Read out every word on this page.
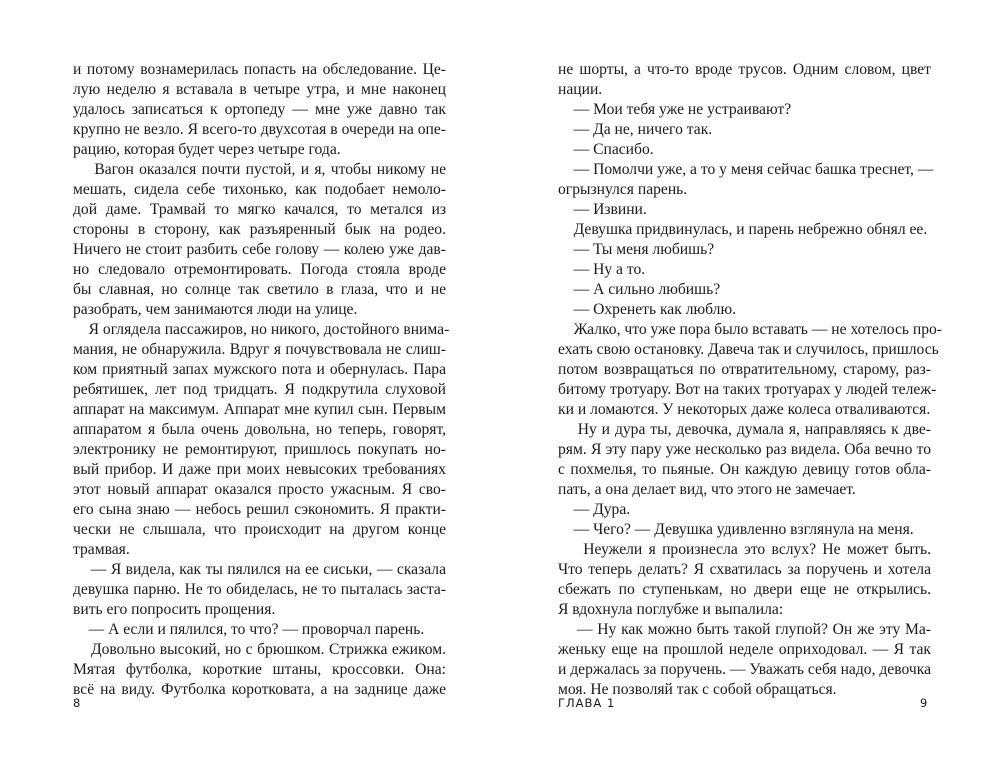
и потому вознамерилась попасть на обследование. Це-
лую неделю я вставала в четыре утра, и мне наконец
удалось записаться к ортопеду — мне уже давно так
крупно не везло. Я всего-то двухсотая в очереди на опе-
рацию, которая будет через четыре года.
Вагон оказался почти пустой, и я, чтобы никому не
мешать, сидела себе тихонько, как подобает немоло-
дой даме. Трамвай то мягко качался, то метался из
стороны в сторону, как разъяренный бык на родео.
Ничего не стоит разбить себе голову — колею уже дав-
но следовало отремонтировать. Погода стояла вроде
бы славная, но солнце так светило в глаза, что и не
разобрать, чем занимаются люди на улице.
Я оглядела пассажиров, но никого, достойного внима-
мания, не обнаружила. Вдруг я почувствовала не слиш-
ком приятный запах мужского пота и обернулась. Пара
ребятишек, лет под тридцать. Я подкрутила слуховой
аппарат на максимум. Аппарат мне купил сын. Первым
аппаратом я была очень довольна, но теперь, говорят,
электронику не ремонтируют, пришлось покупать но-
вый прибор. И даже при моих невысоких требованиях
этот новый аппарат оказался просто ужасным. Я сво-
его сына знаю — небось решил сэкономить. Я практи-
чески не слышала, что происходит на другом конце
трамвая.
— Я видела, как ты пялился на ее сиськи, — сказала
девушка парню. Не то обиделась, не то пыталась заста-
вить его попросить прощения.
— А если и пялился, то что? — проворчал парень.
Довольно высокий, но с брюшком. Стрижка ежиком.
Мятая футболка, короткие штаны, кроссовки. Она:
всё на виду. Футболка коротковата, а на заднице даже
8
не шорты, а что-то вроде трусов. Одним словом, цвет
нации.
— Мои тебя уже не устраивают?
— Да не, ничего так.
— Спасибо.
— Помолчи уже, а то у меня сейчас башка треснет, —
огрызнулся парень.
— Извини.
Девушка придвинулась, и парень небрежно обнял ее.
— Ты меня любишь?
— Ну а то.
— А сильно любишь?
— Охренеть как люблю.
Жалко, что уже пора было вставать — не хотелось про-
ехать свою остановку. Давеча так и случилось, пришлось
потом возвращаться по отвратительному, старому, раз-
битому тротуару. Вот на таких тротуарах у людей тележ-
ки и ломаются. У некоторых даже колеса отваливаются.
Ну и дура ты, девочка, думала я, направляясь к две-
рям. Я эту пару уже несколько раз видела. Оба вечно то
с похмелья, то пьяные. Он каждую девицу готов обла-
пать, а она делает вид, что этого не замечает.
— Дура.
— Чего? — Девушка удивленно взглянула на меня.
Неужели я произнесла это вслух? Не может быть.
Что теперь делать? Я схватилась за поручень и хотела
сбежать по ступенькам, но двери еще не открылись.
Я вдохнула поглубже и выпалила:
— Ну как можно быть такой глупой? Он же эту Ма-
женьку еще на прошлой неделе оприходовал. — Я так
и держалась за поручень. — Уважать себя надо, девочка
моя. Не позволяй так с собой обращаться.
ГЛАВА 1	9
